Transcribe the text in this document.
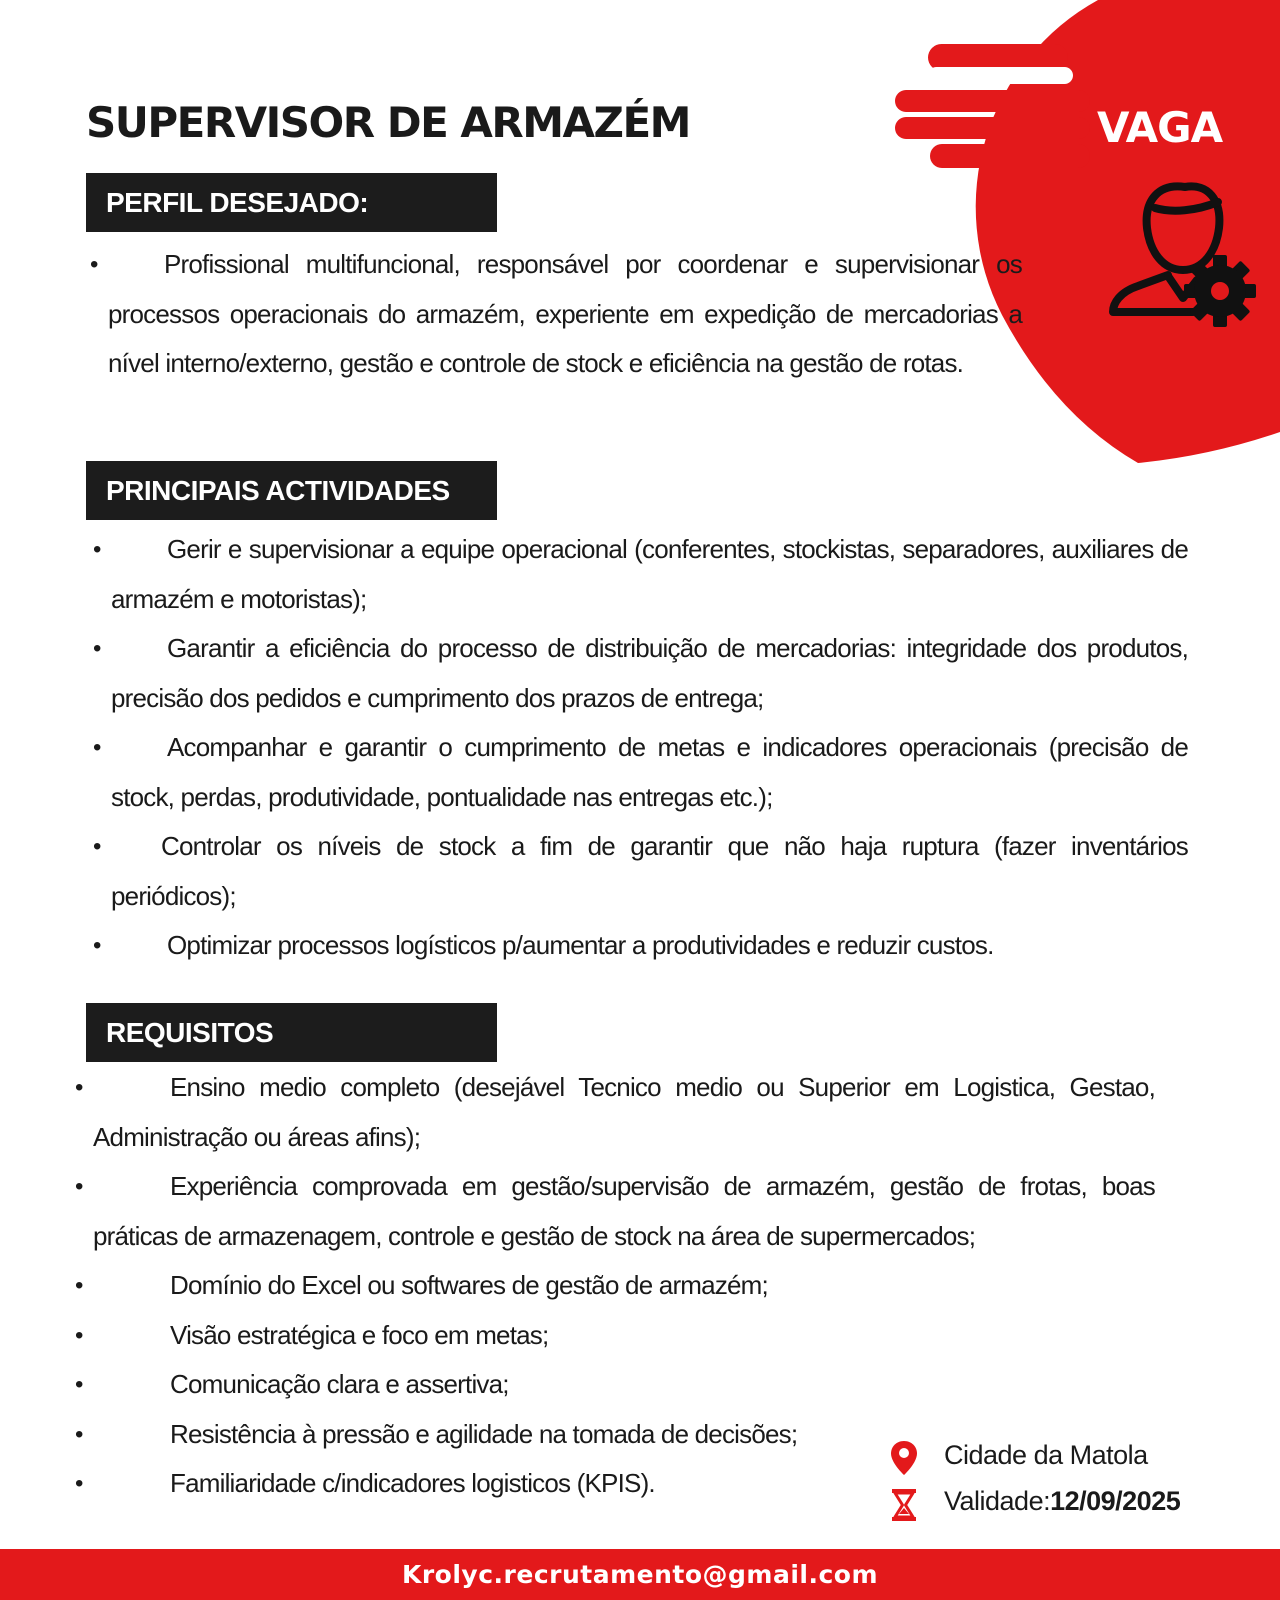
SUPERVISOR DE ARMAZÉM	VAGA
PERFIL DESEJADO:
• Profissional multifuncional, responsável por coordenar e supervisionar os processos operacionais do armazém, experiente em expedição de mercadorias a nível interno/externo, gestão e controle de stock e eficiência na gestão de rotas.
PRINCIPAIS ACTIVIDADES
• Gerir e supervisionar a equipe operacional (conferentes, stockistas, separadores, auxiliares de armazém e motoristas);
• Garantir a eficiência do processo de distribuição de mercadorias: integridade dos produtos, precisão dos pedidos e cumprimento dos prazos de entrega;
• Acompanhar e garantir o cumprimento de metas e indicadores operacionais (precisão de stock, perdas, produtividade, pontualidade nas entregas etc.);
• Controlar os níveis de stock a fim de garantir que não haja ruptura (fazer inventários periódicos);
• Optimizar processos logísticos p/aumentar a produtividades e reduzir custos.
REQUISITOS
• Ensino medio completo (desejável Tecnico medio ou Superior em Logistica, Gestao, Administração ou áreas afins);
• Experiência comprovada em gestão/supervisão de armazém, gestão de frotas, boas práticas de armazenagem, controle e gestão de stock na área de supermercados;
• Domínio do Excel ou softwares de gestão de armazém;
• Visão estratégica e foco em metas;
• Comunicação clara e assertiva;
• Resistência à pressão e agilidade na tomada de decisões;
• Familiaridade c/indicadores logisticos (KPIS).
Cidade da Matola
Validade:12/09/2025
Krolyc.recrutamento@gmail.com
